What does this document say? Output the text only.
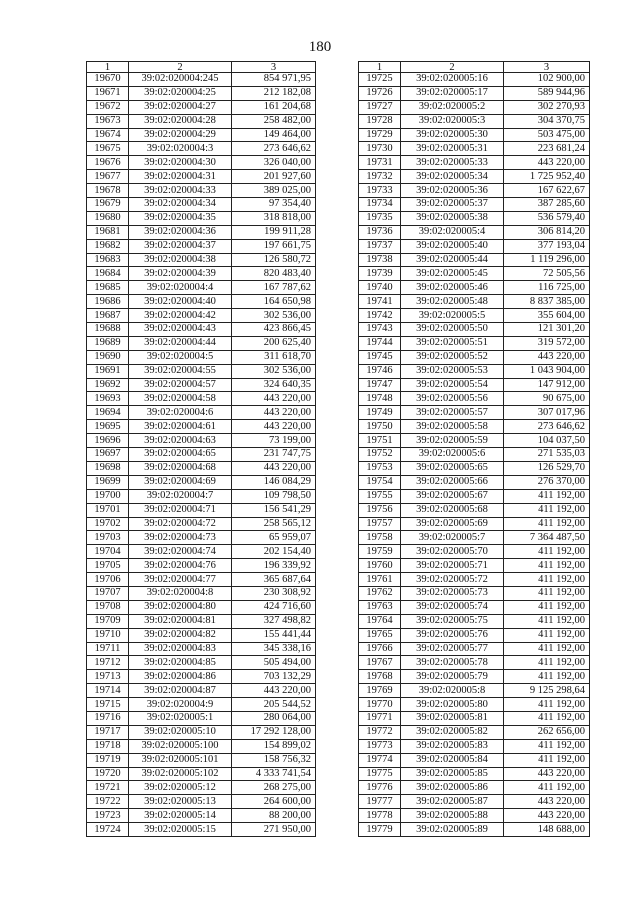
180
1	2	3
19670	39:02:020004:245	854 971,95
19671	39:02:020004:25	212 182,08
19672	39:02:020004:27	161 204,68
19673	39:02:020004:28	258 482,00
19674	39:02:020004:29	149 464,00
19675	39:02:020004:3	273 646,62
19676	39:02:020004:30	326 040,00
19677	39:02:020004:31	201 927,60
19678	39:02:020004:33	389 025,00
19679	39:02:020004:34	97 354,40
19680	39:02:020004:35	318 818,00
19681	39:02:020004:36	199 911,28
19682	39:02:020004:37	197 661,75
19683	39:02:020004:38	126 580,72
19684	39:02:020004:39	820 483,40
19685	39:02:020004:4	167 787,62
19686	39:02:020004:40	164 650,98
19687	39:02:020004:42	302 536,00
19688	39:02:020004:43	423 866,45
19689	39:02:020004:44	200 625,40
19690	39:02:020004:5	311 618,70
19691	39:02:020004:55	302 536,00
19692	39:02:020004:57	324 640,35
19693	39:02:020004:58	443 220,00
19694	39:02:020004:6	443 220,00
19695	39:02:020004:61	443 220,00
19696	39:02:020004:63	73 199,00
19697	39:02:020004:65	231 747,75
19698	39:02:020004:68	443 220,00
19699	39:02:020004:69	146 084,29
19700	39:02:020004:7	109 798,50
19701	39:02:020004:71	156 541,29
19702	39:02:020004:72	258 565,12
19703	39:02:020004:73	65 959,07
19704	39:02:020004:74	202 154,40
19705	39:02:020004:76	196 339,92
19706	39:02:020004:77	365 687,64
19707	39:02:020004:8	230 308,92
19708	39:02:020004:80	424 716,60
19709	39:02:020004:81	327 498,82
19710	39:02:020004:82	155 441,44
19711	39:02:020004:83	345 338,16
19712	39:02:020004:85	505 494,00
19713	39:02:020004:86	703 132,29
19714	39:02:020004:87	443 220,00
19715	39:02:020004:9	205 544,52
19716	39:02:020005:1	280 064,00
19717	39:02:020005:10	17 292 128,00
19718	39:02:020005:100	154 899,02
19719	39:02:020005:101	158 756,32
19720	39:02:020005:102	4 333 741,54
19721	39:02:020005:12	268 275,00
19722	39:02:020005:13	264 600,00
19723	39:02:020005:14	88 200,00
19724	39:02:020005:15	271 950,00
1	2	3
19725	39:02:020005:16	102 900,00
19726	39:02:020005:17	589 944,96
19727	39:02:020005:2	302 270,93
19728	39:02:020005:3	304 370,75
19729	39:02:020005:30	503 475,00
19730	39:02:020005:31	223 681,24
19731	39:02:020005:33	443 220,00
19732	39:02:020005:34	1 725 952,40
19733	39:02:020005:36	167 622,67
19734	39:02:020005:37	387 285,60
19735	39:02:020005:38	536 579,40
19736	39:02:020005:4	306 814,20
19737	39:02:020005:40	377 193,04
19738	39:02:020005:44	1 119 296,00
19739	39:02:020005:45	72 505,56
19740	39:02:020005:46	116 725,00
19741	39:02:020005:48	8 837 385,00
19742	39:02:020005:5	355 604,00
19743	39:02:020005:50	121 301,20
19744	39:02:020005:51	319 572,00
19745	39:02:020005:52	443 220,00
19746	39:02:020005:53	1 043 904,00
19747	39:02:020005:54	147 912,00
19748	39:02:020005:56	90 675,00
19749	39:02:020005:57	307 017,96
19750	39:02:020005:58	273 646,62
19751	39:02:020005:59	104 037,50
19752	39:02:020005:6	271 535,03
19753	39:02:020005:65	126 529,70
19754	39:02:020005:66	276 370,00
19755	39:02:020005:67	411 192,00
19756	39:02:020005:68	411 192,00
19757	39:02:020005:69	411 192,00
19758	39:02:020005:7	7 364 487,50
19759	39:02:020005:70	411 192,00
19760	39:02:020005:71	411 192,00
19761	39:02:020005:72	411 192,00
19762	39:02:020005:73	411 192,00
19763	39:02:020005:74	411 192,00
19764	39:02:020005:75	411 192,00
19765	39:02:020005:76	411 192,00
19766	39:02:020005:77	411 192,00
19767	39:02:020005:78	411 192,00
19768	39:02:020005:79	411 192,00
19769	39:02:020005:8	9 125 298,64
19770	39:02:020005:80	411 192,00
19771	39:02:020005:81	411 192,00
19772	39:02:020005:82	262 656,00
19773	39:02:020005:83	411 192,00
19774	39:02:020005:84	411 192,00
19775	39:02:020005:85	443 220,00
19776	39:02:020005:86	411 192,00
19777	39:02:020005:87	443 220,00
19778	39:02:020005:88	443 220,00
19779	39:02:020005:89	148 688,00
